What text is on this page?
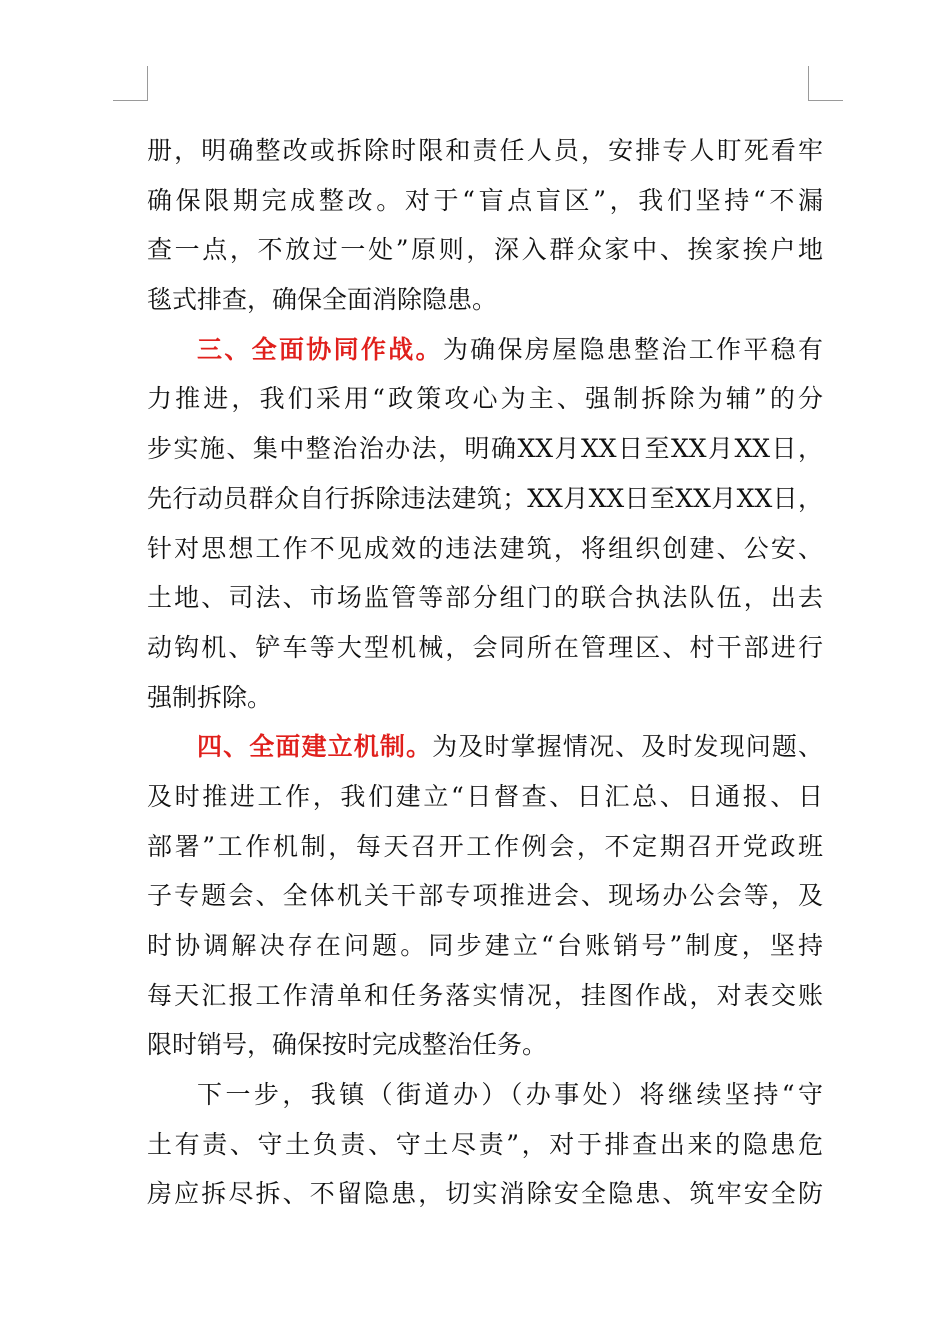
册，明确整改或拆除时限和责任人员，安排专人盯死看牢
确保限期完成整改。对于“盲点盲区”，我们坚持“不漏
查一点，不放过一处”原则，深入群众家中、挨家挨户地
毯式排查，确保全面消除隐患。
三、全面协同作战。为确保房屋隐患整治工作平稳有
力推进，我们采用“政策攻心为主、强制拆除为辅”的分
步实施、集中整治治办法，明确XX月XX日至XX月XX日，
先行动员群众自行拆除违法建筑；XX月XX日至XX月XX日，
针对思想工作不见成效的违法建筑，将组织创建、公安、
土地、司法、市场监管等部分组门的联合执法队伍，出去
动钩机、铲车等大型机械，会同所在管理区、村干部进行
强制拆除。
四、全面建立机制。为及时掌握情况、及时发现问题、
及时推进工作，我们建立“日督查、日汇总、日通报、日
部署”工作机制，每天召开工作例会，不定期召开党政班
子专题会、全体机关干部专项推进会、现场办公会等，及
时协调解决存在问题。同步建立“台账销号”制度，坚持
每天汇报工作清单和任务落实情况，挂图作战，对表交账
限时销号，确保按时完成整治任务。
下一步，我镇（街道办）（办事处）将继续坚持“守
土有责、守土负责、守土尽责”，对于排查出来的隐患危
房应拆尽拆、不留隐患，切实消除安全隐患、筑牢安全防
